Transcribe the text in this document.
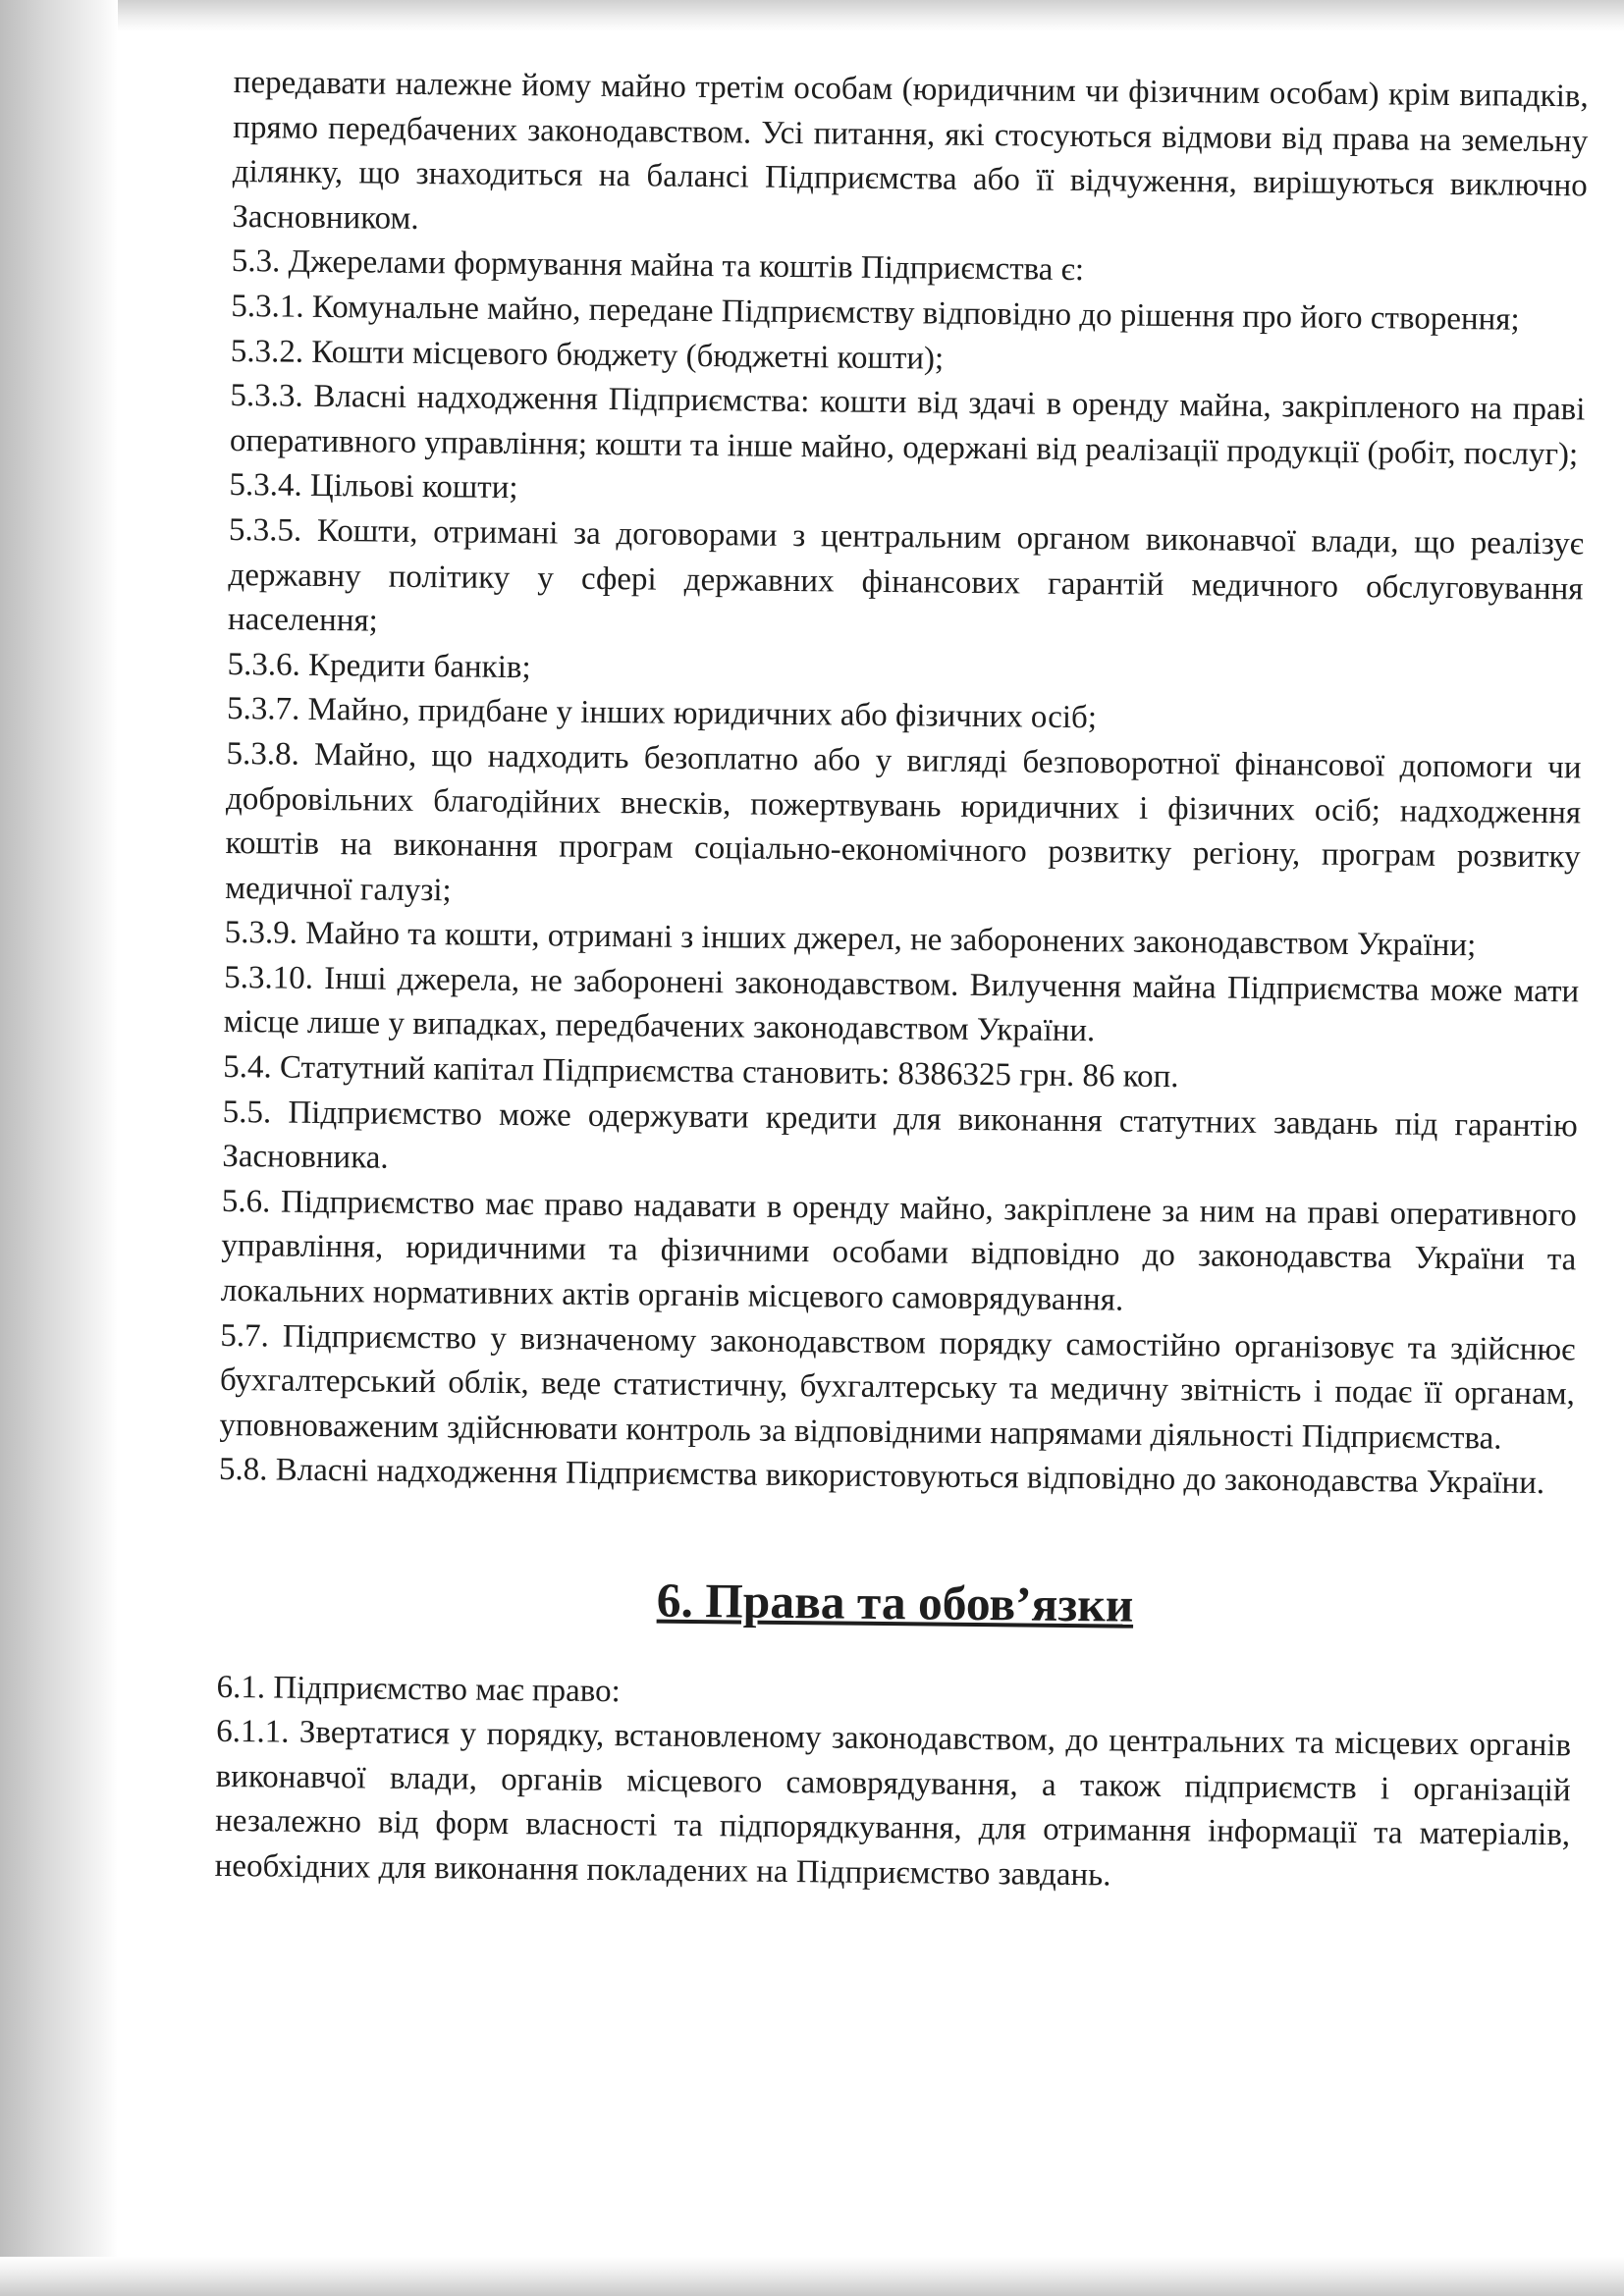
передавати належне йому майно третім особам (юридичним чи фізичним особам) крім випадків, прямо передбачених законодавством. Усі питання, які стосуються відмови від права на земельну ділянку, що знаходиться на балансі Підприємства або її відчуження, вирішуються виключно Засновником.

5.3. Джерелами формування майна та коштів Підприємства є:

5.3.1. Комунальне майно, передане Підприємству відповідно до рішення про його створення;

5.3.2. Кошти місцевого бюджету (бюджетні кошти);

5.3.3. Власні надходження Підприємства: кошти від здачі в оренду майна, закріпленого на праві оперативного управління; кошти та інше майно, одержані від реалізації продукції (робіт, послуг);

5.3.4. Цільові кошти;

5.3.5. Кошти, отримані за договорами з центральним органом виконавчої влади, що реалізує державну політику у сфері державних фінансових гарантій медичного обслуговування населення;

5.3.6. Кредити банків;

5.3.7. Майно, придбане у інших юридичних або фізичних осіб;

5.3.8. Майно, що надходить безоплатно або у вигляді безповоротної фінансової допомоги чи добровільних благодійних внесків, пожертвувань юридичних і фізичних осіб; надходження коштів на виконання програм соціально-економічного розвитку регіону, програм розвитку медичної галузі;

5.3.9. Майно та кошти, отримані з інших джерел, не заборонених законодавством України;

5.3.10. Інші джерела, не заборонені законодавством. Вилучення майна Підприємства може мати місце лише у випадках, передбачених законодавством України.

5.4. Статутний капітал Підприємства становить: 8386325 грн. 86 коп.

5.5. Підприємство може одержувати кредити для виконання статутних завдань під гарантію Засновника.

5.6. Підприємство має право надавати в оренду майно, закріплене за ним на праві оперативного управління, юридичними та фізичними особами відповідно до законодавства України та локальних нормативних актів органів місцевого самоврядування.

5.7. Підприємство у визначеному законодавством порядку самостійно організовує та здійснює бухгалтерський облік, веде статистичну, бухгалтерську та медичну звітність і подає її органам, уповноваженим здійснювати контроль за відповідними напрямами діяльності Підприємства.

5.8. Власні надходження Підприємства використовуються відповідно до законодавства України.

6. Права та обов’язки

6.1. Підприємство має право:

6.1.1. Звертатися у порядку, встановленому законодавством, до центральних та місцевих органів виконавчої влади, органів місцевого самоврядування, а також підприємств і організацій незалежно від форм власності та підпорядкування, для отримання інформації та матеріалів, необхідних для виконання покладених на Підприємство завдань.
